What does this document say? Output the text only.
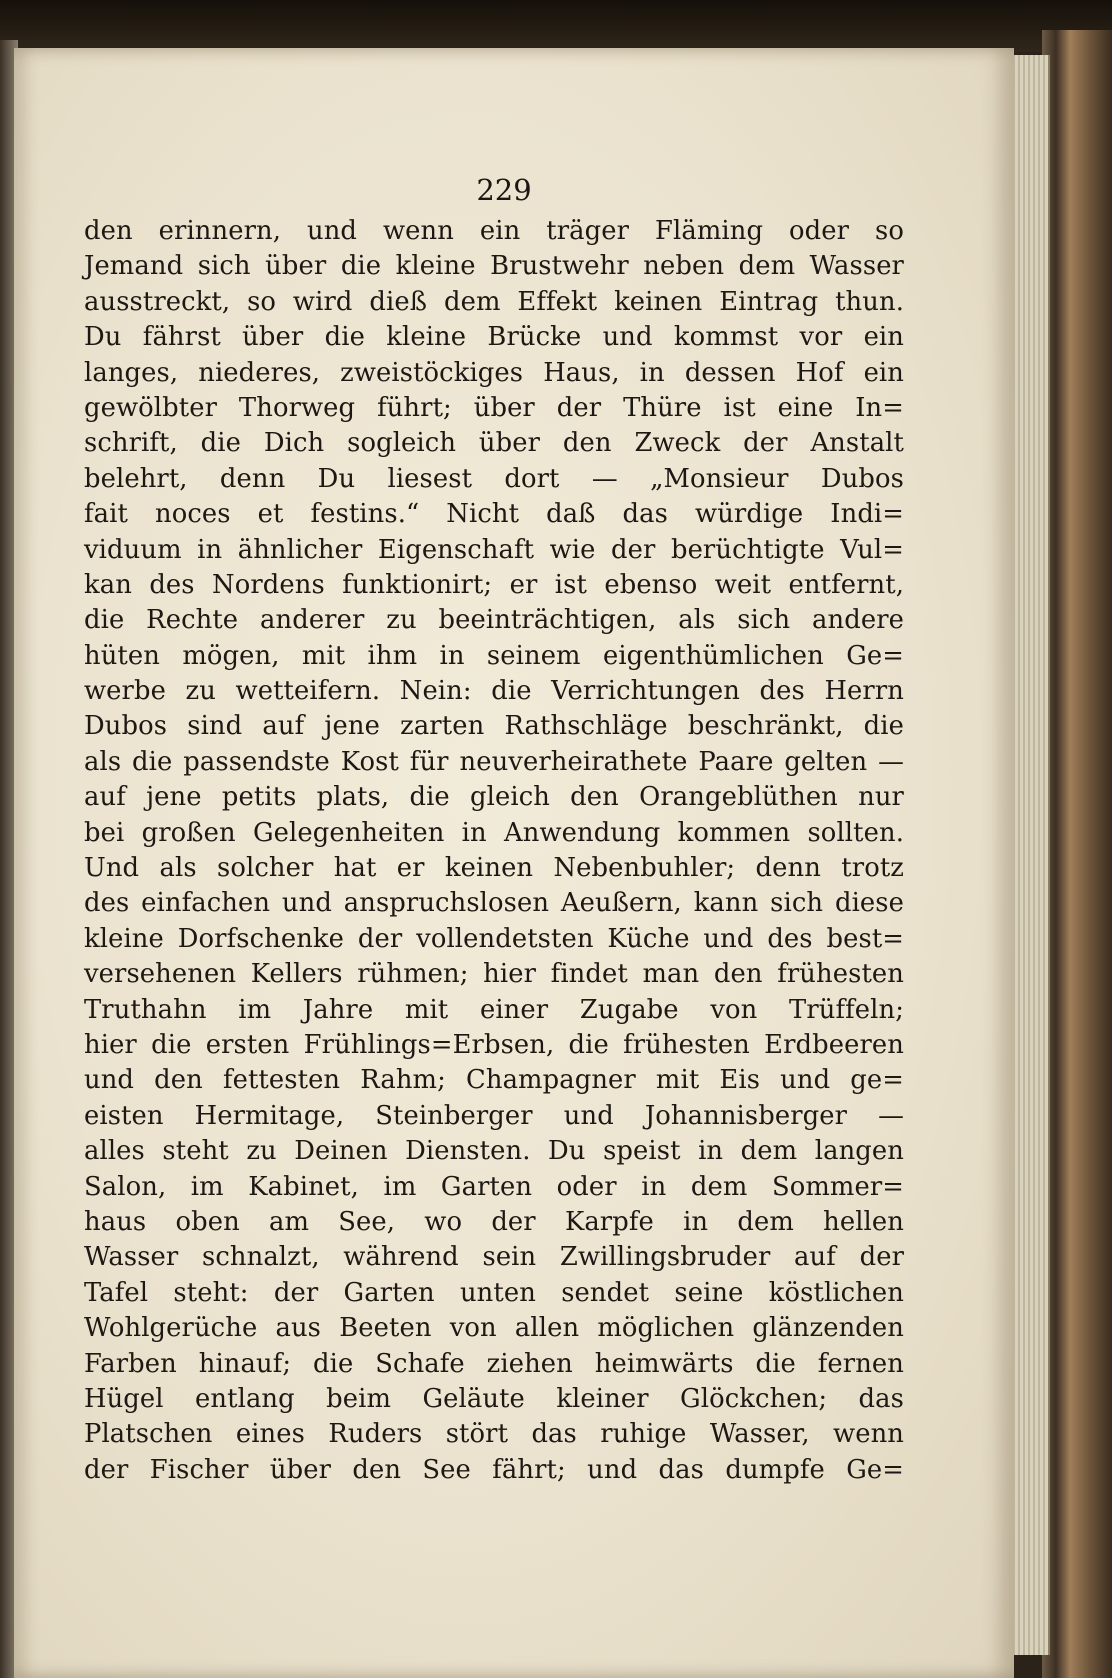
229
den erinnern, und wenn ein träger Fläming oder so
Jemand sich über die kleine Brustwehr neben dem Wasser
ausstreckt, so wird dieß dem Effekt keinen Eintrag thun.
Du fährst über die kleine Brücke und kommst vor ein
langes, niederes, zweistöckiges Haus, in dessen Hof ein
gewölbter Thorweg führt; über der Thüre ist eine In=
schrift, die Dich sogleich über den Zweck der Anstalt
belehrt, denn Du liesest dort — „Monsieur Dubos
fait noces et festins.“ Nicht daß das würdige Indi=
viduum in ähnlicher Eigenschaft wie der berüchtigte Vul=
kan des Nordens funktionirt; er ist ebenso weit entfernt,
die Rechte anderer zu beeinträchtigen, als sich andere
hüten mögen, mit ihm in seinem eigenthümlichen Ge=
werbe zu wetteifern. Nein: die Verrichtungen des Herrn
Dubos sind auf jene zarten Rathschläge beschränkt, die
als die passendste Kost für neuverheirathete Paare gelten —
auf jene petits plats, die gleich den Orangeblüthen nur
bei großen Gelegenheiten in Anwendung kommen sollten.
Und als solcher hat er keinen Nebenbuhler; denn trotz
des einfachen und anspruchslosen Aeußern, kann sich diese
kleine Dorfschenke der vollendetsten Küche und des best=
versehenen Kellers rühmen; hier findet man den frühesten
Truthahn im Jahre mit einer Zugabe von Trüffeln;
hier die ersten Frühlings=Erbsen, die frühesten Erdbeeren
und den fettesten Rahm; Champagner mit Eis und ge=
eisten Hermitage, Steinberger und Johannisberger —
alles steht zu Deinen Diensten. Du speist in dem langen
Salon, im Kabinet, im Garten oder in dem Sommer=
haus oben am See, wo der Karpfe in dem hellen
Wasser schnalzt, während sein Zwillingsbruder auf der
Tafel steht: der Garten unten sendet seine köstlichen
Wohlgerüche aus Beeten von allen möglichen glänzenden
Farben hinauf; die Schafe ziehen heimwärts die fernen
Hügel entlang beim Geläute kleiner Glöckchen; das
Platschen eines Ruders stört das ruhige Wasser, wenn
der Fischer über den See fährt; und das dumpfe Ge=
